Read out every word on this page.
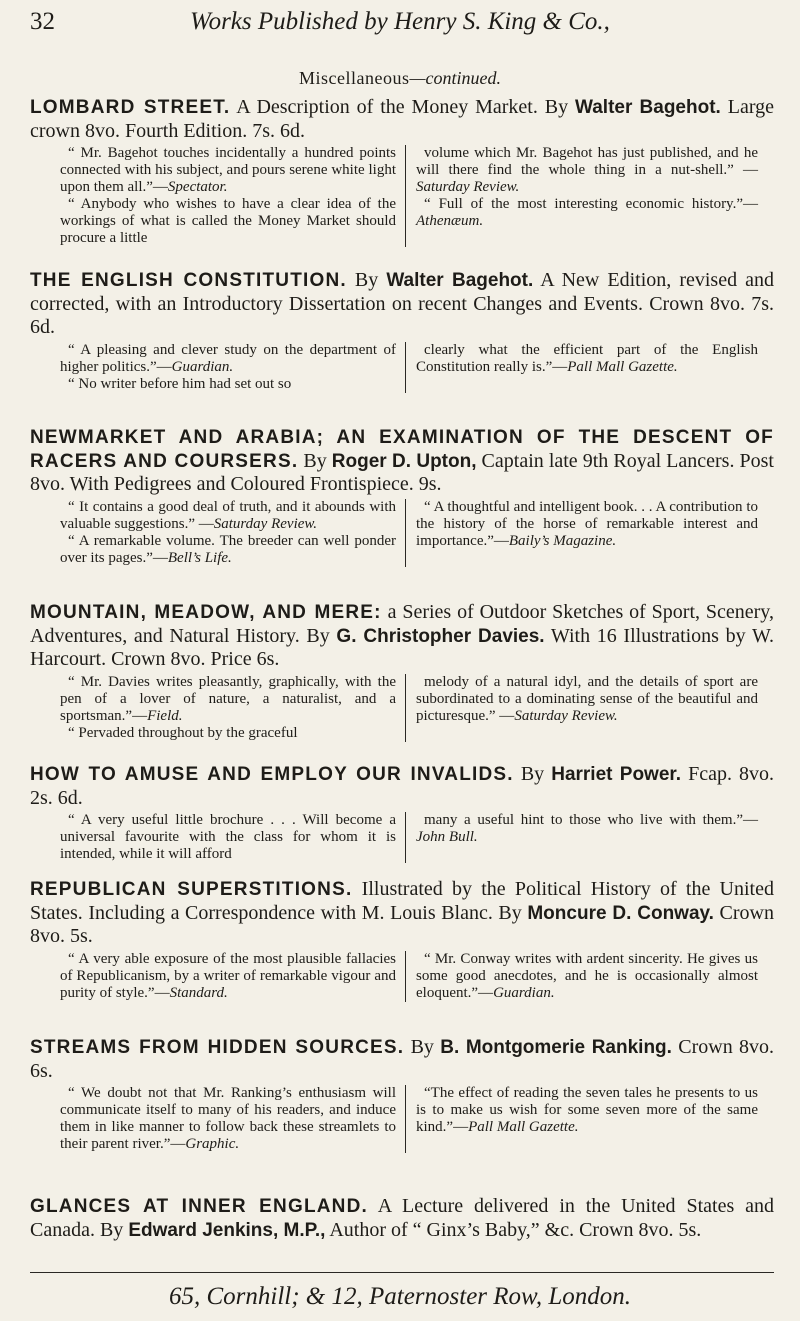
32	Works Published by Henry S. King & Co.,
Miscellaneous—continued.
LOMBARD STREET. A Description of the Money Market. By Walter Bagehot. Large crown 8vo. Fourth Edition. 7s. 6d.

“ Mr. Bagehot touches incidentally a hundred points connected with his subject, and pours serene white light upon them all.”—Spectator.

“ Anybody who wishes to have a clear idea of the workings of what is called the Money Market should procure a little

volume which Mr. Bagehot has just published, and he will there find the whole thing in a nut-shell.” —Saturday Review.

“ Full of the most interesting economic history.”—Athenæum.

THE ENGLISH CONSTITUTION. By Walter Bagehot. A New Edition, revised and corrected, with an Introductory Dissertation on recent Changes and Events. Crown 8vo. 7s. 6d.

“ A pleasing and clever study on the department of higher politics.”—Guardian.

“ No writer before him had set out so

clearly what the efficient part of the English Constitution really is.”—Pall Mall Gazette.

NEWMARKET AND ARABIA; AN EXAMINATION OF THE DESCENT OF RACERS AND COURSERS. By Roger D. Upton, Captain late 9th Royal Lancers. Post 8vo. With Pedigrees and Coloured Frontispiece. 9s.

“ It contains a good deal of truth, and it abounds with valuable suggestions.” —Saturday Review.

“ A remarkable volume. The breeder can well ponder over its pages.”—Bell’s Life.

“ A thoughtful and intelligent book. . . A contribution to the history of the horse of remarkable interest and importance.”—Baily’s Magazine.

MOUNTAIN, MEADOW, AND MERE: a Series of Outdoor Sketches of Sport, Scenery, Adventures, and Natural History. By G. Christopher Davies. With 16 Illustrations by W. Harcourt. Crown 8vo. Price 6s.

“ Mr. Davies writes pleasantly, graphically, with the pen of a lover of nature, a naturalist, and a sportsman.”—Field.

“ Pervaded throughout by the graceful

melody of a natural idyl, and the details of sport are subordinated to a dominating sense of the beautiful and picturesque.” —Saturday Review.

HOW TO AMUSE AND EMPLOY OUR INVALIDS. By Harriet Power. Fcap. 8vo. 2s. 6d.

“ A very useful little brochure . . . Will become a universal favourite with the class for whom it is intended, while it will afford

many a useful hint to those who live with them.”—John Bull.

REPUBLICAN SUPERSTITIONS. Illustrated by the Political History of the United States. Including a Correspondence with M. Louis Blanc. By Moncure D. Conway. Crown 8vo. 5s.

“ A very able exposure of the most plausible fallacies of Republicanism, by a writer of remarkable vigour and purity of style.”—Standard.

“ Mr. Conway writes with ardent sincerity. He gives us some good anecdotes, and he is occasionally almost eloquent.”—Guardian.

STREAMS FROM HIDDEN SOURCES. By B. Montgomerie Ranking. Crown 8vo. 6s.

“ We doubt not that Mr. Ranking’s enthusiasm will communicate itself to many of his readers, and induce them in like manner to follow back these streamlets to their parent river.”—Graphic.

“The effect of reading the seven tales he presents to us is to make us wish for some seven more of the same kind.”—Pall Mall Gazette.

GLANCES AT INNER ENGLAND. A Lecture delivered in the United States and Canada. By Edward Jenkins, M.P., Author of “ Ginx’s Baby,” &c. Crown 8vo. 5s.
65, Cornhill; & 12, Paternoster Row, London.
